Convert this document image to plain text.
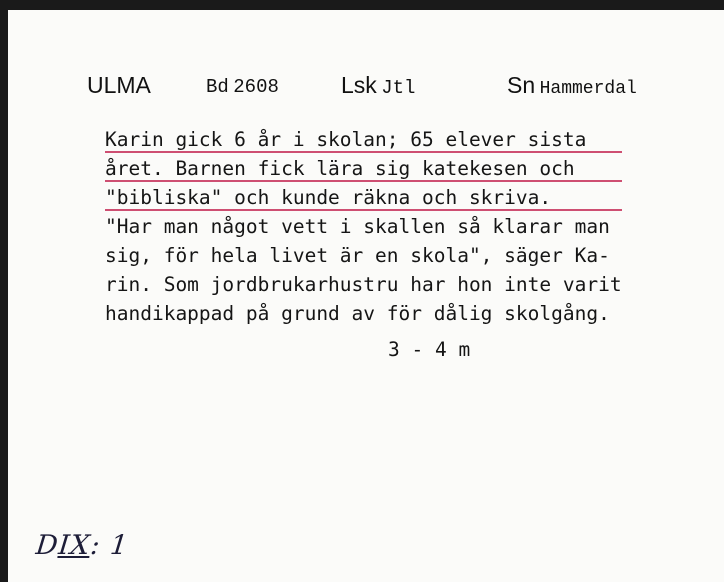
ULMA	Bd 2608	Lsk Jtl	Sn Hammerdal
Karin gick 6 år i skolan; 65 elever sista
året. Barnen fick lära sig katekesen och
"bibliska" och kunde räkna och skriva.
"Har man något vett i skallen så klarar man
sig, för hela livet är en skola", säger Ka-
rin. Som jordbrukarhustru har hon inte varit
handikappad på grund av för dålig skolgång.
3 - 4 m
DIX: 1
